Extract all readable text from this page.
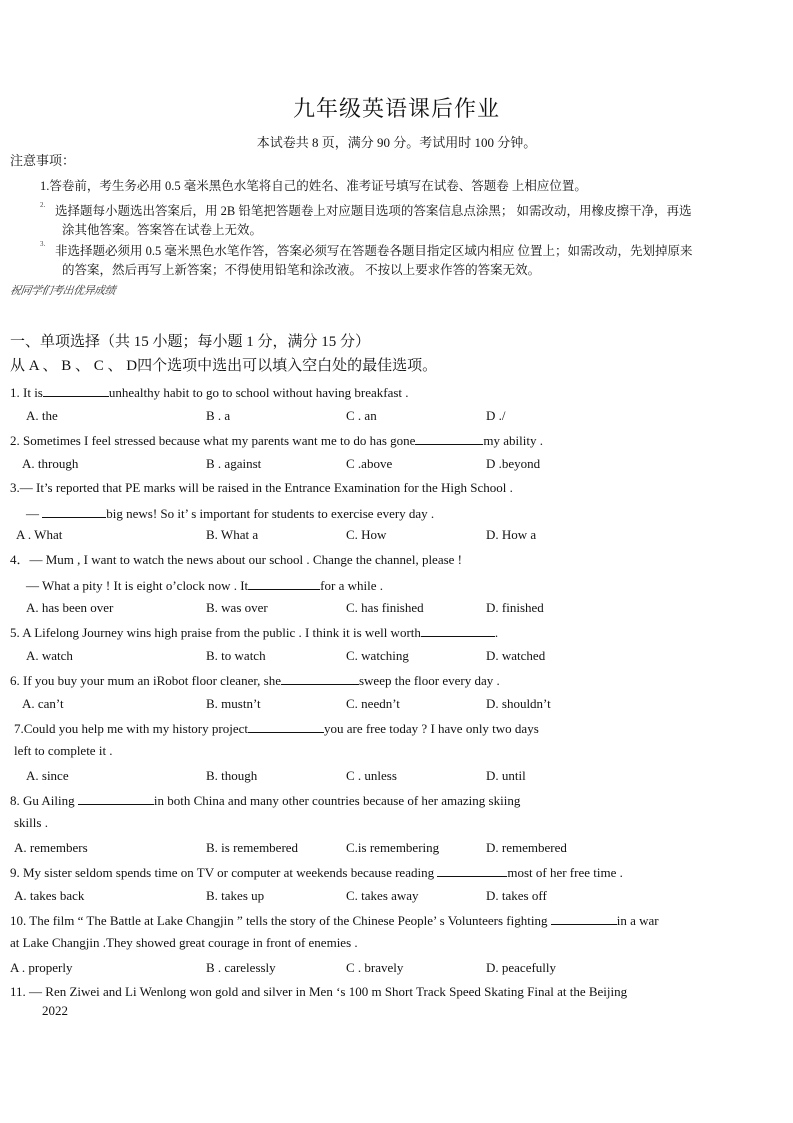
九年级英语课后作业
本试卷共 8 页，满分 90 分。考试用时 100 分钟。
注意事项：
1.答卷前，考生务必用 0.5 毫米黑色水笔将自己的姓名、准考证号填写在试卷、答题卷 上相应位置。
2. 选择题每小题选出答案后，用 2B 铅笔把答题卷上对应题目选项的答案信息点涂黑； 如需改动，用橡皮擦干净，再选
涂其他答案。答案答在试卷上无效。
3. 非选择题必须用 0.5 毫米黑色水笔作答，答案必须写在答题卷各题目指定区域内相应 位置上；如需改动，先划掉原来
的答案，然后再写上新答案；不得使用铅笔和涂改液。 不按以上要求作答的答案无效。
祝同学们考出优异成绩
一、单项选择（共 15 小题；每小题 1 分，满分 15 分）
从 A 、 B 、 C 、 D四个选项中选出可以填入空白处的最佳选项。
1. It is	unhealthy habit to go to school without having breakfast .
A. the	B . a	C . an	D ./
2. Sometimes I feel stressed because what my parents want me to do has gone	my ability .
A. through	B . against	C .above	D .beyond
3.— It’s reported that PE marks will be raised in the Entrance Examination for the High School .
—	big news! So it’ s important for students to exercise every day .
A . What	B. What a	C. How	D. How a
4．— Mum , I want to watch the news about our school . Change the channel, please !
— What a pity ! It is eight o’clock now . It	for a while .
A. has been over	B. was over	C. has finished	D. finished
5. A Lifelong Journey wins high praise from the public . I think it is well worth	.
A. watch	B. to watch	C. watching	D. watched
6. If you buy your mum an iRobot floor cleaner, she	sweep the floor every day .
A. can’t	B. mustn’t	C. needn’t	D. shouldn’t
7.Could you help me with my history project	you are free today ? I have only two days
left to complete it .
A. since	B. though	C . unless	D. until
8. Gu Ailing	in both China and many other countries because of her amazing skiing
skills .
A. remembers	B. is remembered	C.is remembering	D. remembered
9. My sister seldom spends time on TV or computer at weekends because reading	most of her free time .
A. takes back	B. takes up	C. takes away	D. takes off
10. The film “ The Battle at Lake Changjin ” tells the story of the Chinese People’ s Volunteers fighting	in a war
at Lake Changjin .They showed great courage in front of enemies .
A . properly	B . carelessly	C . bravely	D. peacefully
11. — Ren Ziwei and Li Wenlong won gold and silver in Men ‘s 100 m Short Track Speed Skating Final at the Beijing
2022
